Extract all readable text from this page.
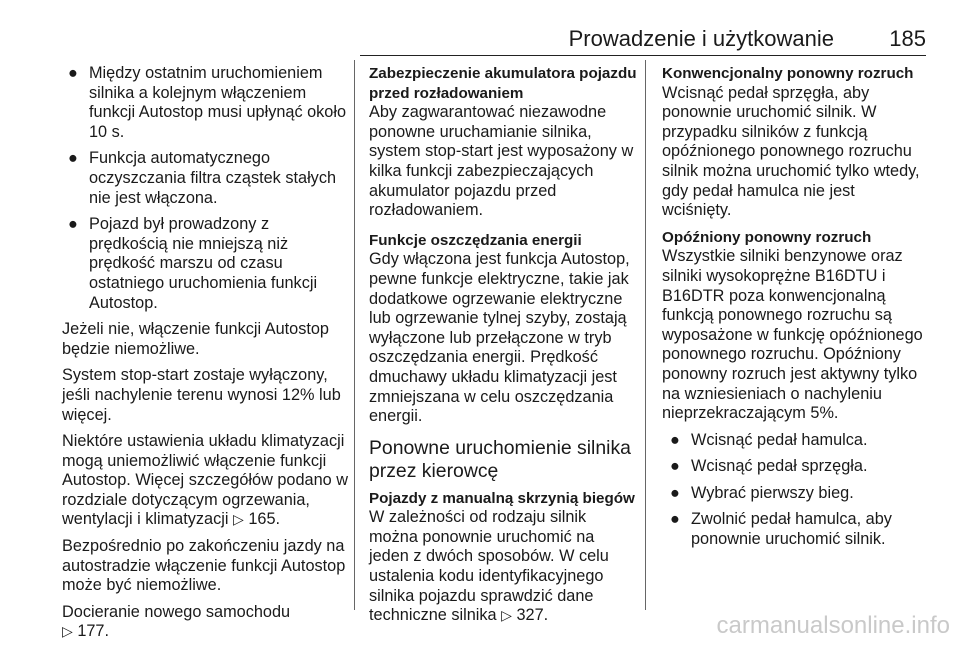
Prowadzenie i użytkowanie	185
● Między ostatnim uruchomieniem silnika a kolejnym włączeniem funkcji Autostop musi upłynąć około 10 s.
● Funkcja automatycznego oczyszczania filtra cząstek stałych nie jest włączona.
● Pojazd był prowadzony z prędkością nie mniejszą niż prędkość marszu od czasu ostatniego uruchomienia funkcji Autostop.

Jeżeli nie, włączenie funkcji Autostop będzie niemożliwe.

System stop-start zostaje wyłączony, jeśli nachylenie terenu wynosi 12% lub więcej.

Niektóre ustawienia układu klimatyzacji mogą uniemożliwić włączenie funkcji Autostop. Więcej szczegółów podano w rozdziale dotyczącym ogrzewania, wentylacji i klimatyzacji ▷ 165.

Bezpośrednio po zakończeniu jazdy na autostradzie włączenie funkcji Autostop może być niemożliwe.

Docieranie nowego samochodu
▷ 177.

Zabezpieczenie akumulatora pojazdu przed rozładowaniem

Aby zagwarantować niezawodne ponowne uruchamianie silnika, system stop-start jest wyposażony w kilka funkcji zabezpieczających akumulator pojazdu przed rozładowaniem.

Funkcje oszczędzania energii

Gdy włączona jest funkcja Autostop, pewne funkcje elektryczne, takie jak dodatkowe ogrzewanie elektryczne lub ogrzewanie tylnej szyby, zostają wyłączone lub przełączone w tryb oszczędzania energii. Prędkość dmuchawy układu klimatyzacji jest zmniejszana w celu oszczędzania energii.

Ponowne uruchomienie silnika przez kierowcę
Pojazdy z manualną skrzynią biegów

W zależności od rodzaju silnik można ponownie uruchomić na jeden z dwóch sposobów. W celu ustalenia kodu identyfikacyjnego silnika pojazdu sprawdzić dane techniczne silnika ▷ 327.

Konwencjonalny ponowny rozruch

Wcisnąć pedał sprzęgła, aby ponownie uruchomić silnik. W przypadku silników z funkcją opóźnionego ponownego rozruchu silnik można uruchomić tylko wtedy, gdy pedał hamulca nie jest wciśnięty.

Opóźniony ponowny rozruch

Wszystkie silniki benzynowe oraz silniki wysokoprężne B16DTU i B16DTR poza konwencjonalną funkcją ponownego rozruchu są wyposażone w funkcję opóźnionego ponownego rozruchu. Opóźniony ponowny rozruch jest aktywny tylko na wzniesieniach o nachyleniu nieprzekraczającym 5%.

● Wcisnąć pedał hamulca.
● Wcisnąć pedał sprzęgła.
● Wybrać pierwszy bieg.
● Zwolnić pedał hamulca, aby ponownie uruchomić silnik.
carmanualsonline.info
